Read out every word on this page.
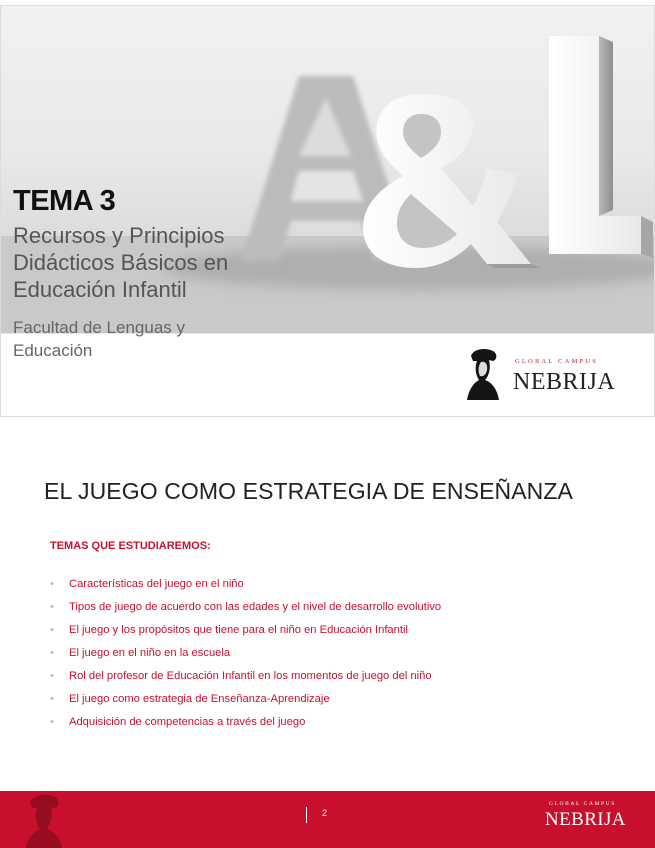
TEMA 3
Recursos y Principios Didácticos Básicos en Educación Infantil
Facultad de Lenguas y Educación
GLOBAL CAMPUS
NEBRIJA
EL JUEGO COMO ESTRATEGIA DE ENSEÑANZA
TEMAS QUE ESTUDIAREMOS:
•	Características del juego en el niño
•	Tipos de juego de acuerdo con las edades y el nivel de desarrollo evolutivo
•	El juego y los propósitos que tiene para el niño en Educación Infantil
•	El juego en el niño en la escuela
•	Rol del profesor de Educación Infantil en los momentos de juego del niño
•	El juego como estrategia de Enseñanza-Aprendizaje
•	Adquisición de competencias a través del juego
2
GLOBAL CAMPUS
NEBRIJA
